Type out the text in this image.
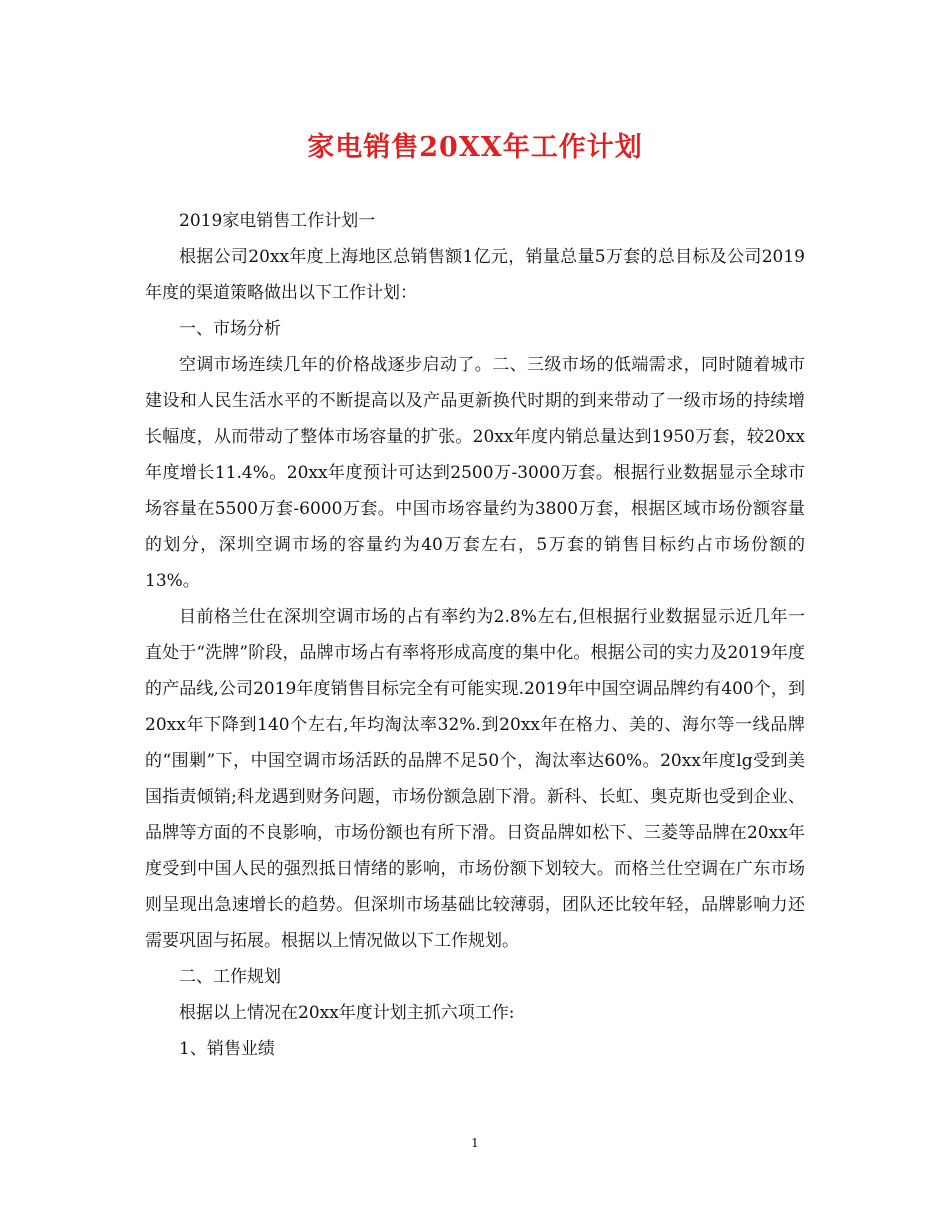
家电销售20XX年工作计划

2019家电销售工作计划一

根据公司20xx年度上海地区总销售额1亿元，销量总量5万套的总目标及公司2019年度的渠道策略做出以下工作计划：

一、市场分析

空调市场连续几年的价格战逐步启动了。二、三级市场的低端需求，同时随着城市建设和人民生活水平的不断提高以及产品更新换代时期的到来带动了一级市场的持续增长幅度，从而带动了整体市场容量的扩张。20xx年度内销总量达到1950万套，较20xx年度增长11.4%。20xx年度预计可达到2500万-3000万套。根据行业数据显示全球市场容量在5500万套-6000万套。中国市场容量约为3800万套，根据区域市场份额容量的划分，深圳空调市场的容量约为40万套左右，5万套的销售目标约占市场份额的13%。

目前格兰仕在深圳空调市场的占有率约为2.8%左右,但根据行业数据显示近几年一直处于“洗牌”阶段，品牌市场占有率将形成高度的集中化。根据公司的实力及2019年度的产品线,公司2019年度销售目标完全有可能实现.2019年中国空调品牌约有400个，到20xx年下降到140个左右,年均淘汰率32%.到20xx年在格力、美的、海尔等一线品牌的“围剿”下，中国空调市场活跃的品牌不足50个，淘汰率达60%。20xx年度lg受到美国指责倾销;科龙遇到财务问题，市场份额急剧下滑。新科、长虹、奥克斯也受到企业、品牌等方面的不良影响，市场份额也有所下滑。日资品牌如松下、三菱等品牌在20xx年度受到中国人民的强烈抵日情绪的影响，市场份额下划较大。而格兰仕空调在广东市场则呈现出急速增长的趋势。但深圳市场基础比较薄弱，团队还比较年轻，品牌影响力还需要巩固与拓展。根据以上情况做以下工作规划。

二、工作规划

根据以上情况在20xx年度计划主抓六项工作:

1、销售业绩

1
